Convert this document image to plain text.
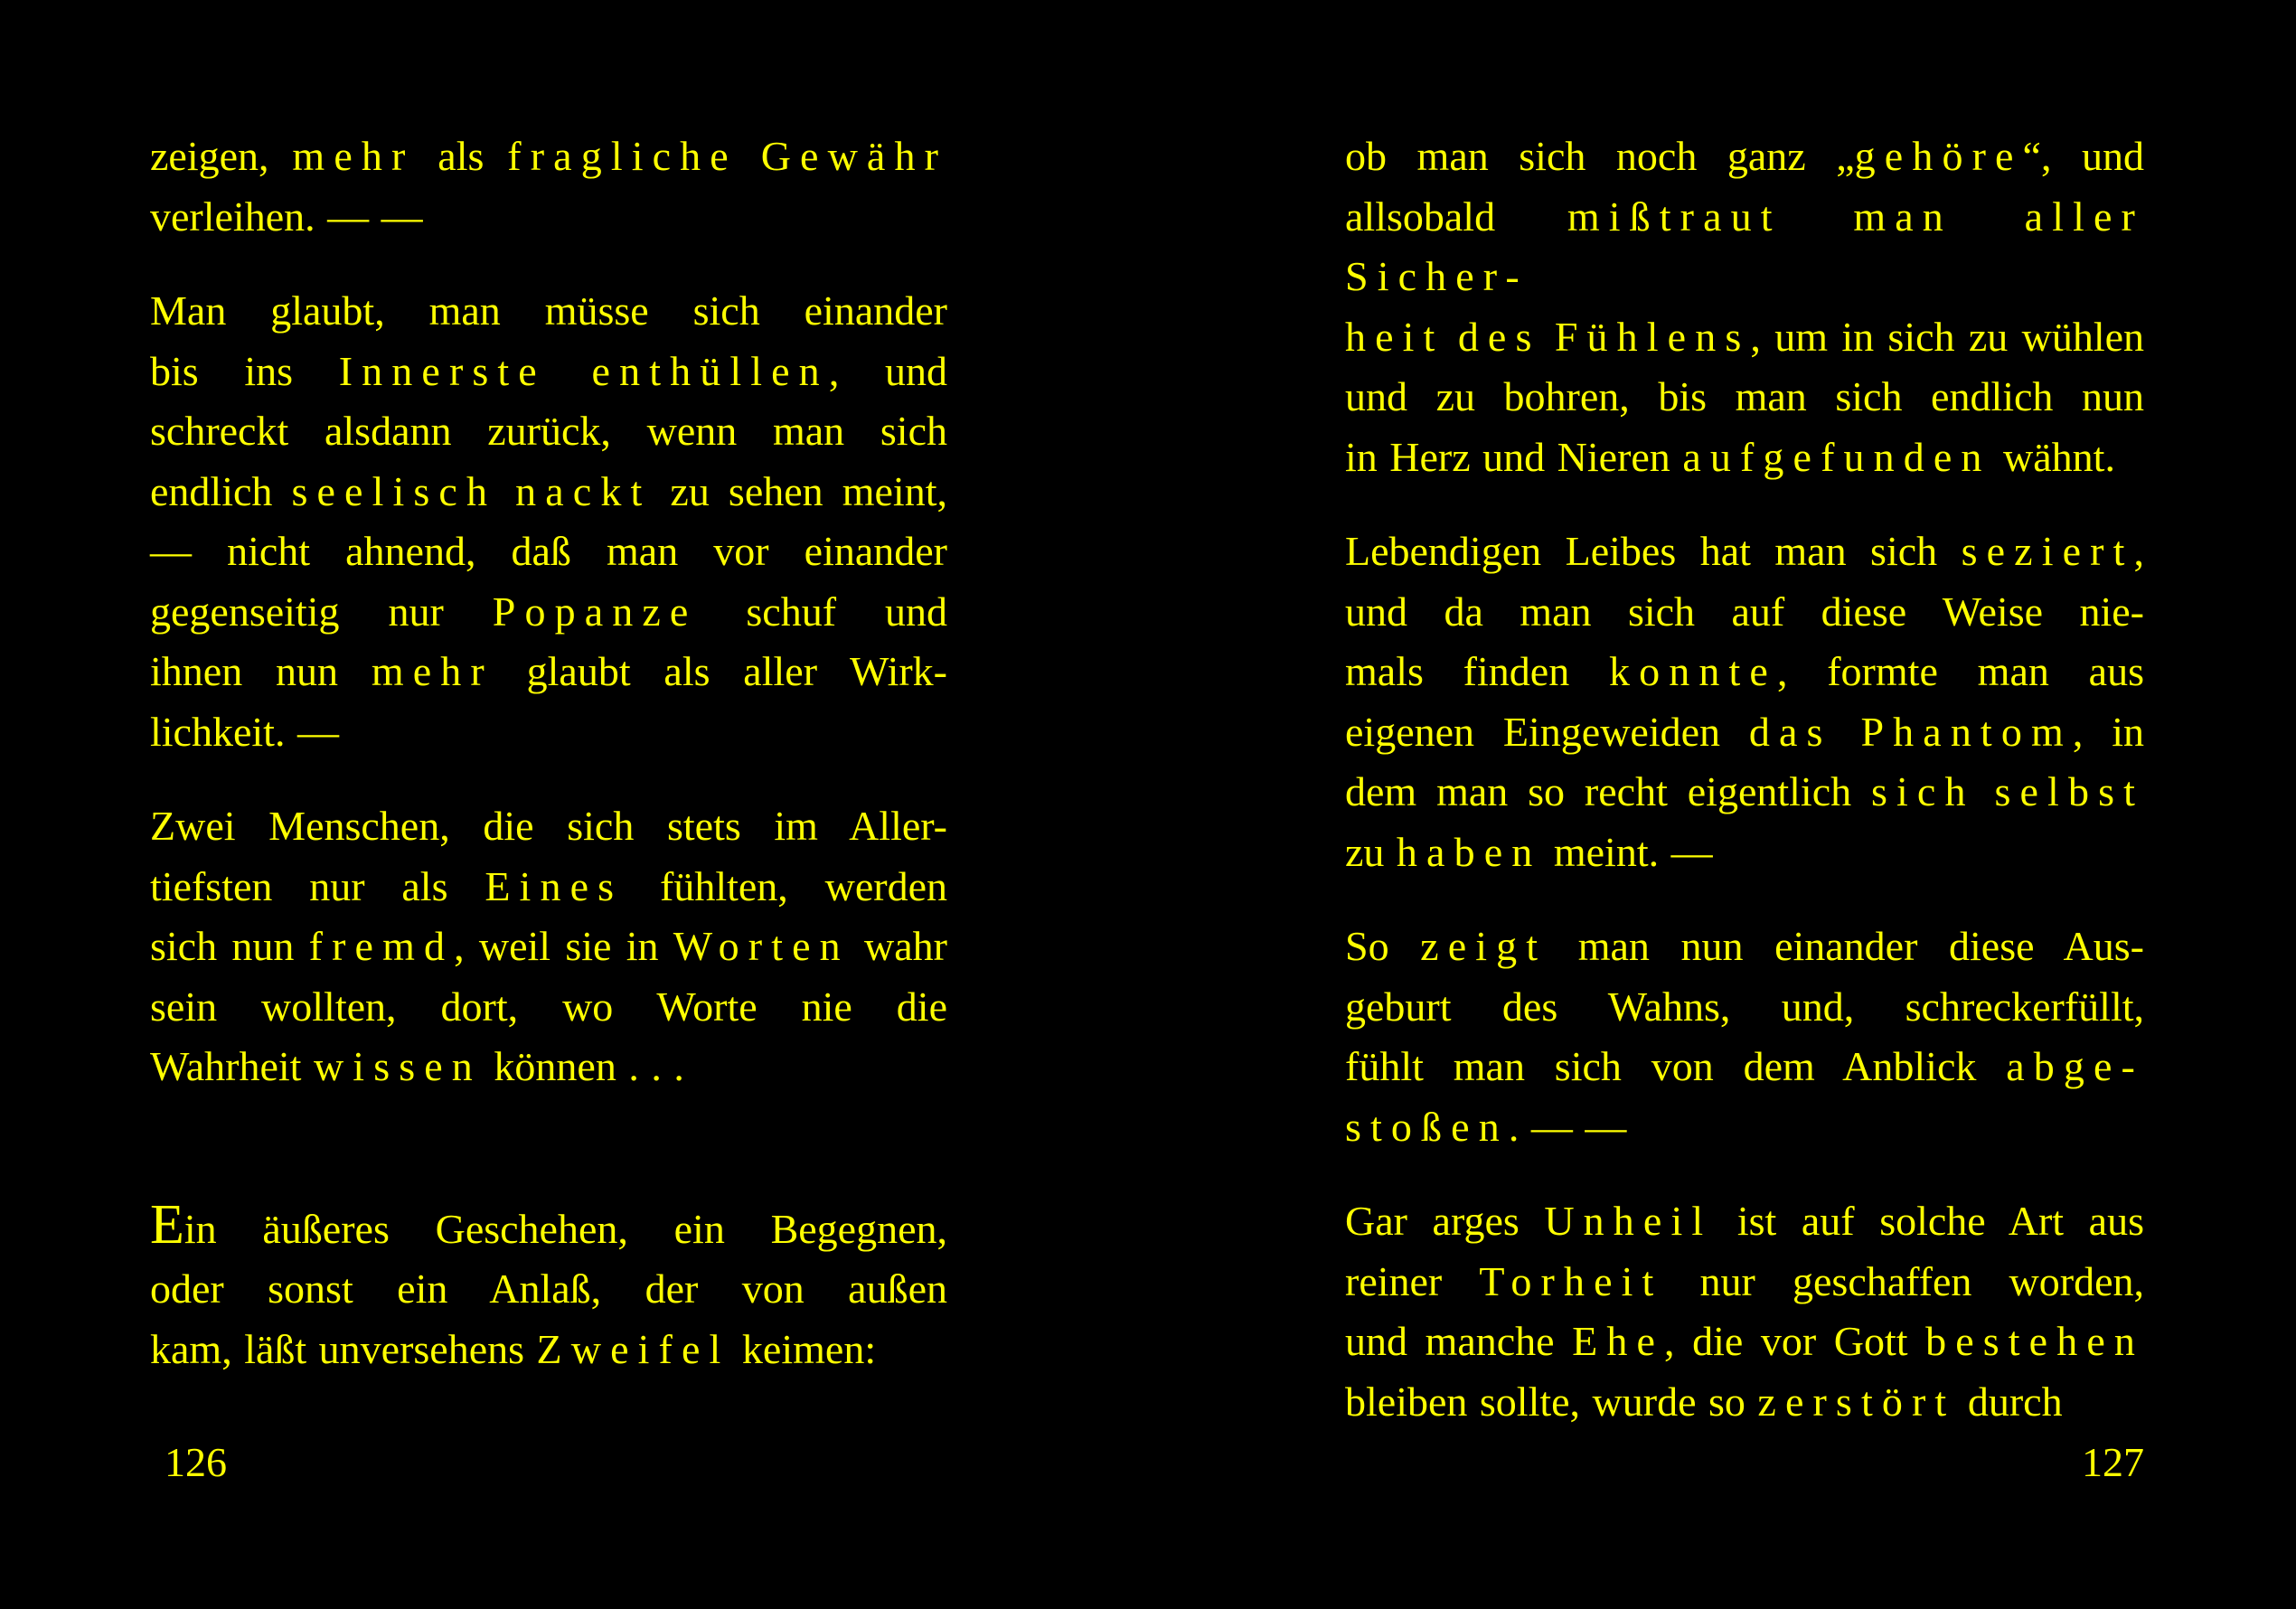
zeigen, mehr als fragliche Gewähr
verleihen. — —
Man glaubt, man müsse sich einander
bis ins Innerste enthüllen, und
schreckt alsdann zurück, wenn man sich
endlich seelisch nackt zu sehen meint,
— nicht ahnend, daß man vor einander
gegenseitig nur Popanze schuf und
ihnen nun mehr glaubt als aller Wirk-
lichkeit. —
Zwei Menschen, die sich stets im Aller-
tiefsten nur als Eines fühlten, werden
sich nun fremd, weil sie in Worten wahr
sein wollten, dort, wo Worte nie die
Wahrheit wissen können . . .
Ein äußeres Geschehen, ein Begegnen,
oder sonst ein Anlaß, der von außen
kam, läßt unversehens Zweifel keimen:
126
ob man sich noch ganz „gehöre“, und
allsobald mißtraut man aller Sicher-
heit des Fühlens, um in sich zu wühlen
und zu bohren, bis man sich endlich nun
in Herz und Nieren aufgefunden wähnt.
Lebendigen Leibes hat man sich seziert,
und da man sich auf diese Weise nie-
mals finden konnte, formte man aus
eigenen Eingeweiden das Phantom, in
dem man so recht eigentlich sich selbst
zu haben meint. —
So zeigt man nun einander diese Aus-
geburt des Wahns, und, schreckerfüllt,
fühlt man sich von dem Anblick abge-
stoßen. — —
Gar arges Unheil ist auf solche Art aus
reiner Torheit nur geschaffen worden,
und manche Ehe, die vor Gott bestehen
bleiben sollte, wurde so zerstört durch
127
